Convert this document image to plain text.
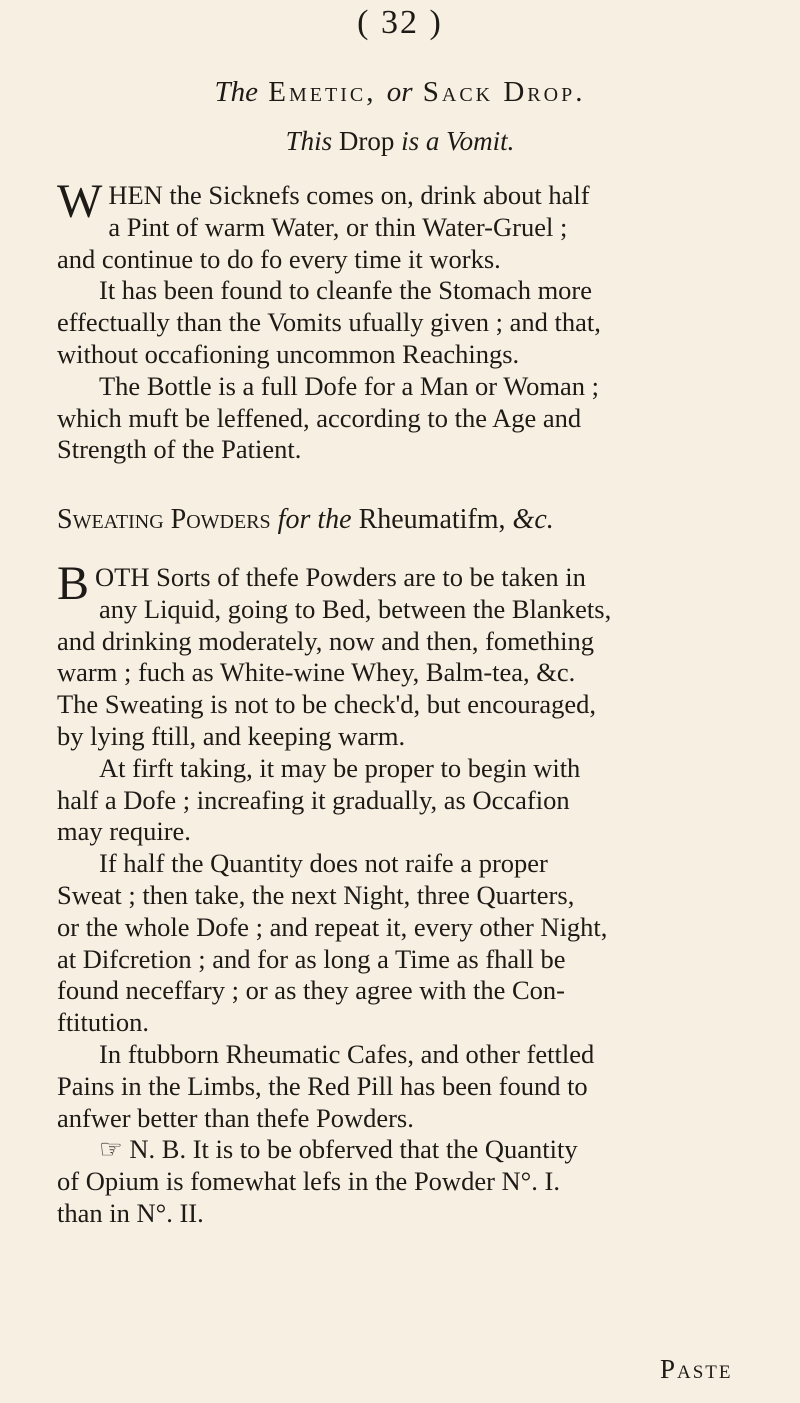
( 32 )
The Emetic, or Sack Drop.
This Drop is a Vomit.
W HEN the Sicknefs comes on, drink about half
a Pint of warm Water, or thin Water-Gruel ;
and continue to do fo every time it works.
It has been found to cleanfe the Stomach more
effectually than the Vomits ufually given ; and that,
without occafioning uncommon Reachings.
The Bottle is a full Dofe for a Man or Woman ;
which muft be leffened, according to the Age and
Strength of the Patient.
Sweating Powders for the Rheumatifm, &c.
B OTH Sorts of thefe Powders are to be taken in
any Liquid, going to Bed, between the Blankets,
and drinking moderately, now and then, fomething
warm ; fuch as White-wine Whey, Balm-tea, &c.
The Sweating is not to be check'd, but encouraged,
by lying ftill, and keeping warm.
At firft taking, it may be proper to begin with
half a Dofe ; increafing it gradually, as Occafion
may require.
If half the Quantity does not raife a proper
Sweat ; then take, the next Night, three Quarters,
or the whole Dofe ; and repeat it, every other Night,
at Difcretion ; and for as long a Time as fhall be
found neceffary ; or as they agree with the Con-
ftitution.
In ftubborn Rheumatic Cafes, and other fettled
Pains in the Limbs, the Red Pill has been found to
anfwer better than thefe Powders.
☞ N. B. It is to be obferved that the Quantity
of Opium is fomewhat lefs in the Powder N°. I.
than in N°. II.
Paste
